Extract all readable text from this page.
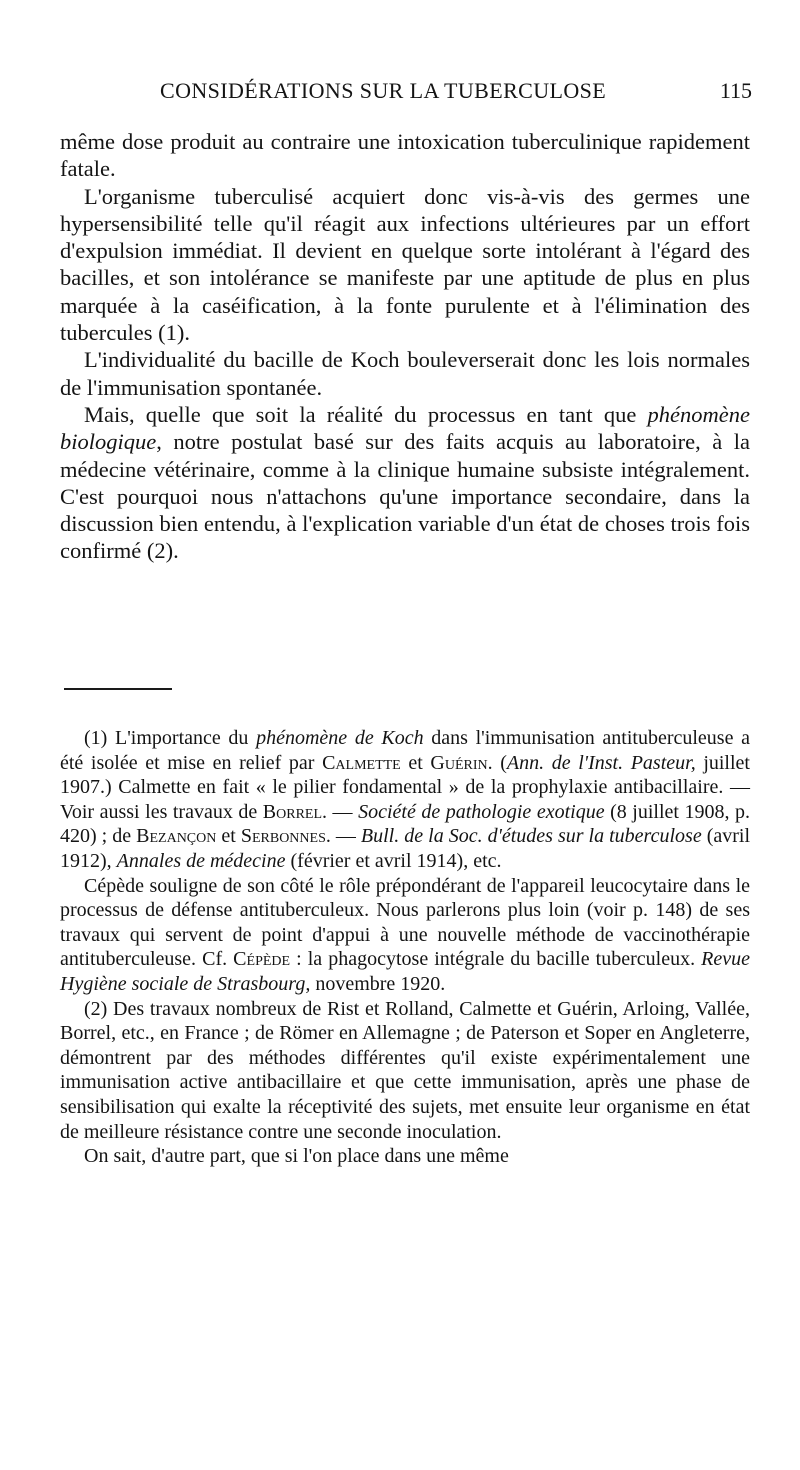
CONSIDÉRATIONS SUR LA TUBERCULOSE	115

même dose produit au contraire une intoxication tuberculinique rapidement fatale.

L'organisme tuberculisé acquiert donc vis-à-vis des germes une hypersensibilité telle qu'il réagit aux infections ultérieures par un effort d'expulsion immédiat. Il devient en quelque sorte intolérant à l'égard des bacilles, et son intolérance se manifeste par une aptitude de plus en plus marquée à la caséification, à la fonte purulente et à l'élimination des tubercules (1).

L'individualité du bacille de Koch bouleverserait donc les lois normales de l'immunisation spontanée.

Mais, quelle que soit la réalité du processus en tant que phénomène biologique, notre postulat basé sur des faits acquis au laboratoire, à la médecine vétérinaire, comme à la clinique humaine subsiste intégralement. C'est pourquoi nous n'attachons qu'une importance secondaire, dans la discussion bien entendu, à l'explication variable d'un état de choses trois fois confirmé (2).

(1) L'importance du phénomène de Koch dans l'immunisation antituberculeuse a été isolée et mise en relief par Calmette et Guérin. (Ann. de l'Inst. Pasteur, juillet 1907.) Calmette en fait « le pilier fondamental » de la prophylaxie antibacillaire. — Voir aussi les travaux de Borrel. — Société de pathologie exotique (8 juillet 1908, p. 420) ; de Bezançon et Serbonnes. — Bull. de la Soc. d'études sur la tuberculose (avril 1912), Annales de médecine (février et avril 1914), etc.

Cépède souligne de son côté le rôle prépondérant de l'appareil leucocytaire dans le processus de défense antituberculeux. Nous parlerons plus loin (voir p. 148) de ses travaux qui servent de point d'appui à une nouvelle méthode de vaccinothérapie antituberculeuse. Cf. Cépède : la phagocytose intégrale du bacille tuberculeux. Revue Hygiène sociale de Strasbourg, novembre 1920.

(2) Des travaux nombreux de Rist et Rolland, Calmette et Guérin, Arloing, Vallée, Borrel, etc., en France ; de Römer en Allemagne ; de Paterson et Soper en Angleterre, démontrent par des méthodes différentes qu'il existe expérimentalement une immunisation active antibacillaire et que cette immunisation, après une phase de sensibilisation qui exalte la réceptivité des sujets, met ensuite leur organisme en état de meilleure résistance contre une seconde inoculation.

On sait, d'autre part, que si l'on place dans une même
